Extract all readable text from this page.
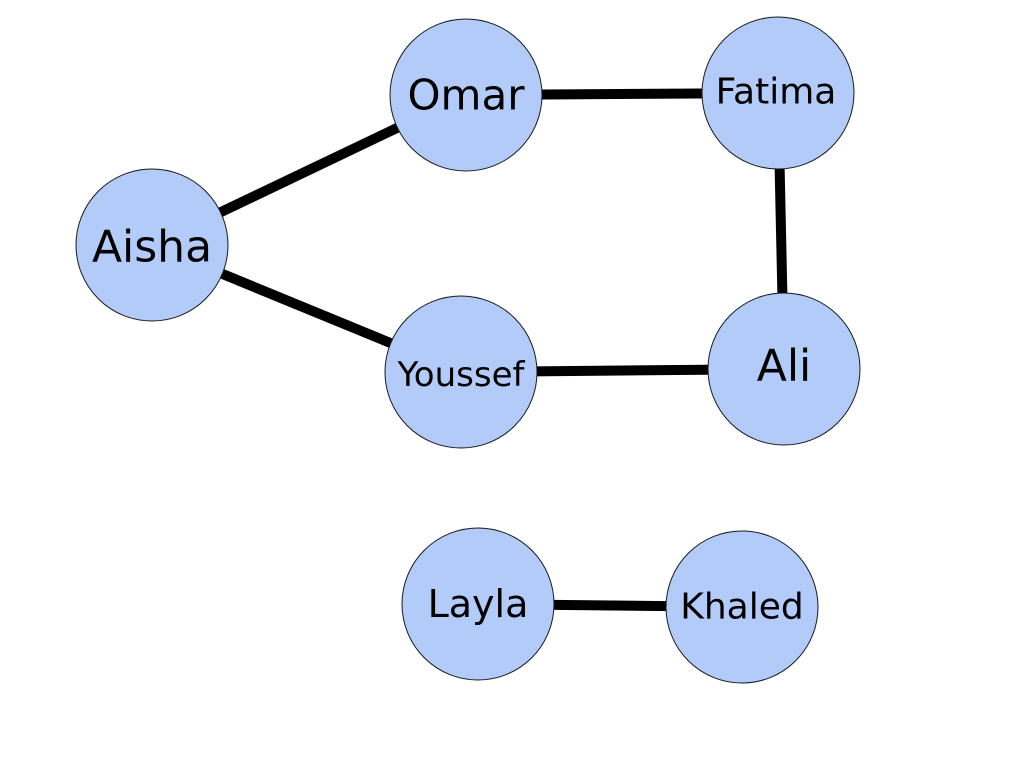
Aisha
Omar	Fatima
Youssef	Ali
Layla	Khaled
